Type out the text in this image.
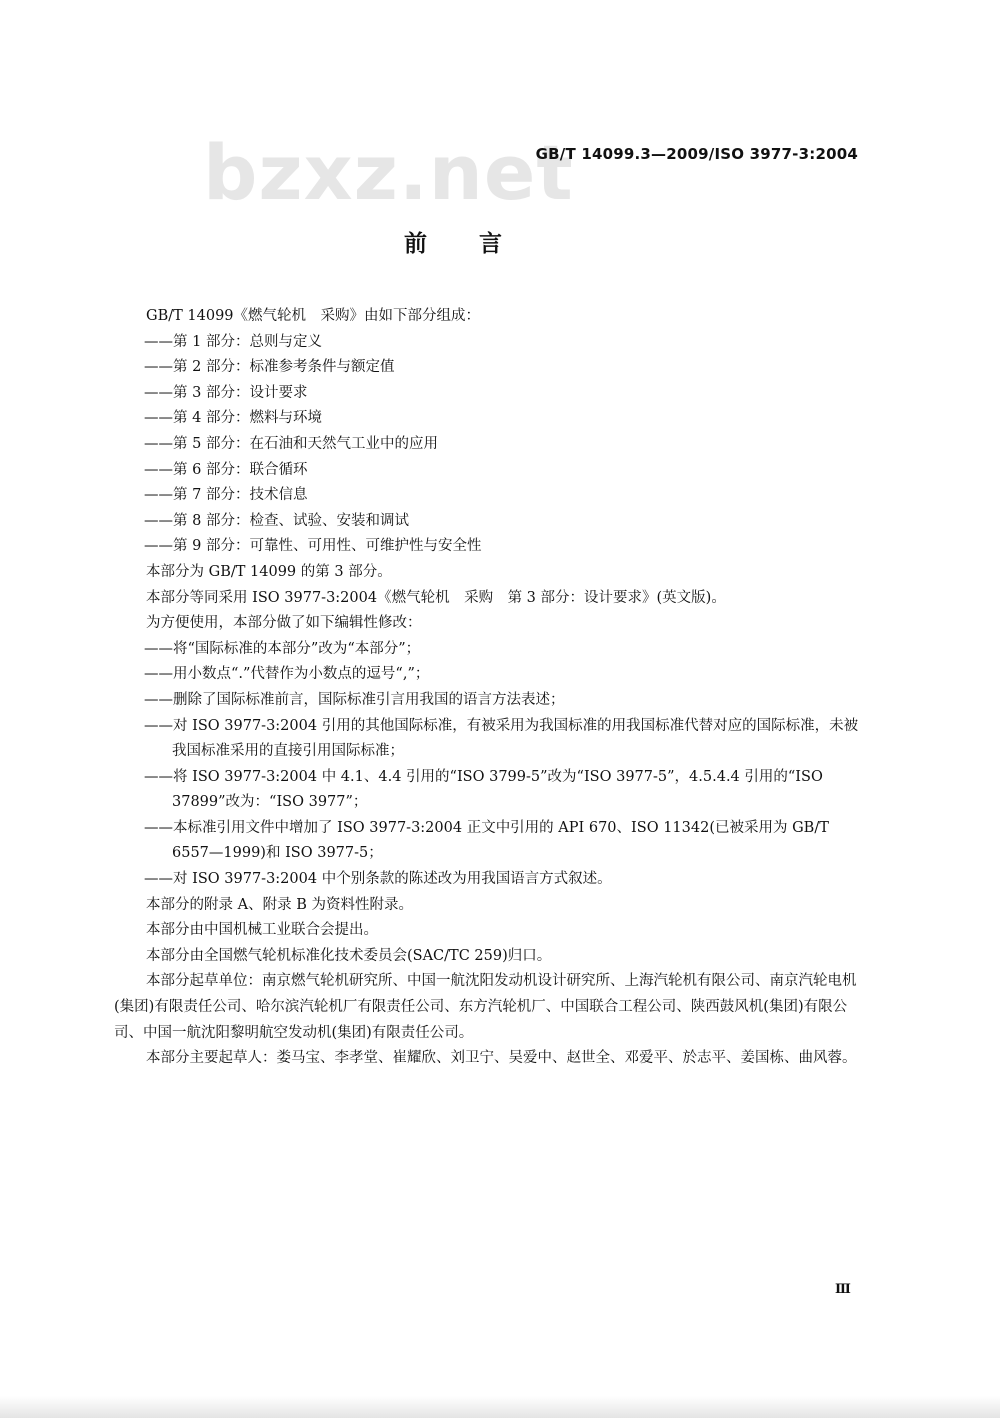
bzxz.net
GB/T 14099.3—2009/ISO 3977-3:2004
前言

GB/T 14099《燃气轮机　采购》由如下部分组成：

——第 1 部分：总则与定义

——第 2 部分：标准参考条件与额定值

——第 3 部分：设计要求

——第 4 部分：燃料与环境

——第 5 部分：在石油和天然气工业中的应用

——第 6 部分：联合循环

——第 7 部分：技术信息

——第 8 部分：检查、试验、安装和调试

——第 9 部分：可靠性、可用性、可维护性与安全性

本部分为 GB/T 14099 的第 3 部分。

本部分等同采用 ISO 3977-3:2004《燃气轮机　采购　第 3 部分：设计要求》(英文版)。

为方便使用，本部分做了如下编辑性修改：

——将“国际标准的本部分”改为“本部分”；

——用小数点“.”代替作为小数点的逗号“,”；

——删除了国际标准前言，国际标准引言用我国的语言方法表述；

——对 ISO 3977-3:2004 引用的其他国际标准，有被采用为我国标准的用我国标准代替对应的国际标准，未被我国标准采用的直接引用国际标准；

——将 ISO 3977-3:2004 中 4.1、4.4 引用的“ISO 3799-5”改为“ISO 3977-5”，4.5.4.4 引用的“ISO 37899”改为：“ISO 3977”；

——本标准引用文件中增加了 ISO 3977-3:2004 正文中引用的 API 670、ISO 11342(已被采用为 GB/T 6557—1999)和 ISO 3977-5；

——对 ISO 3977-3:2004 中个别条款的陈述改为用我国语言方式叙述。

本部分的附录 A、附录 B 为资料性附录。

本部分由中国机械工业联合会提出。

本部分由全国燃气轮机标准化技术委员会(SAC/TC 259)归口。

本部分起草单位：南京燃气轮机研究所、中国一航沈阳发动机设计研究所、上海汽轮机有限公司、南京汽轮电机(集团)有限责任公司、哈尔滨汽轮机厂有限责任公司、东方汽轮机厂、中国联合工程公司、陕西鼓风机(集团)有限公司、中国一航沈阳黎明航空发动机(集团)有限责任公司。

本部分主要起草人：娄马宝、李孝堂、崔耀欣、刘卫宁、吴爱中、赵世全、邓爱平、於志平、姜国栋、曲风蓉。

Ⅲ
